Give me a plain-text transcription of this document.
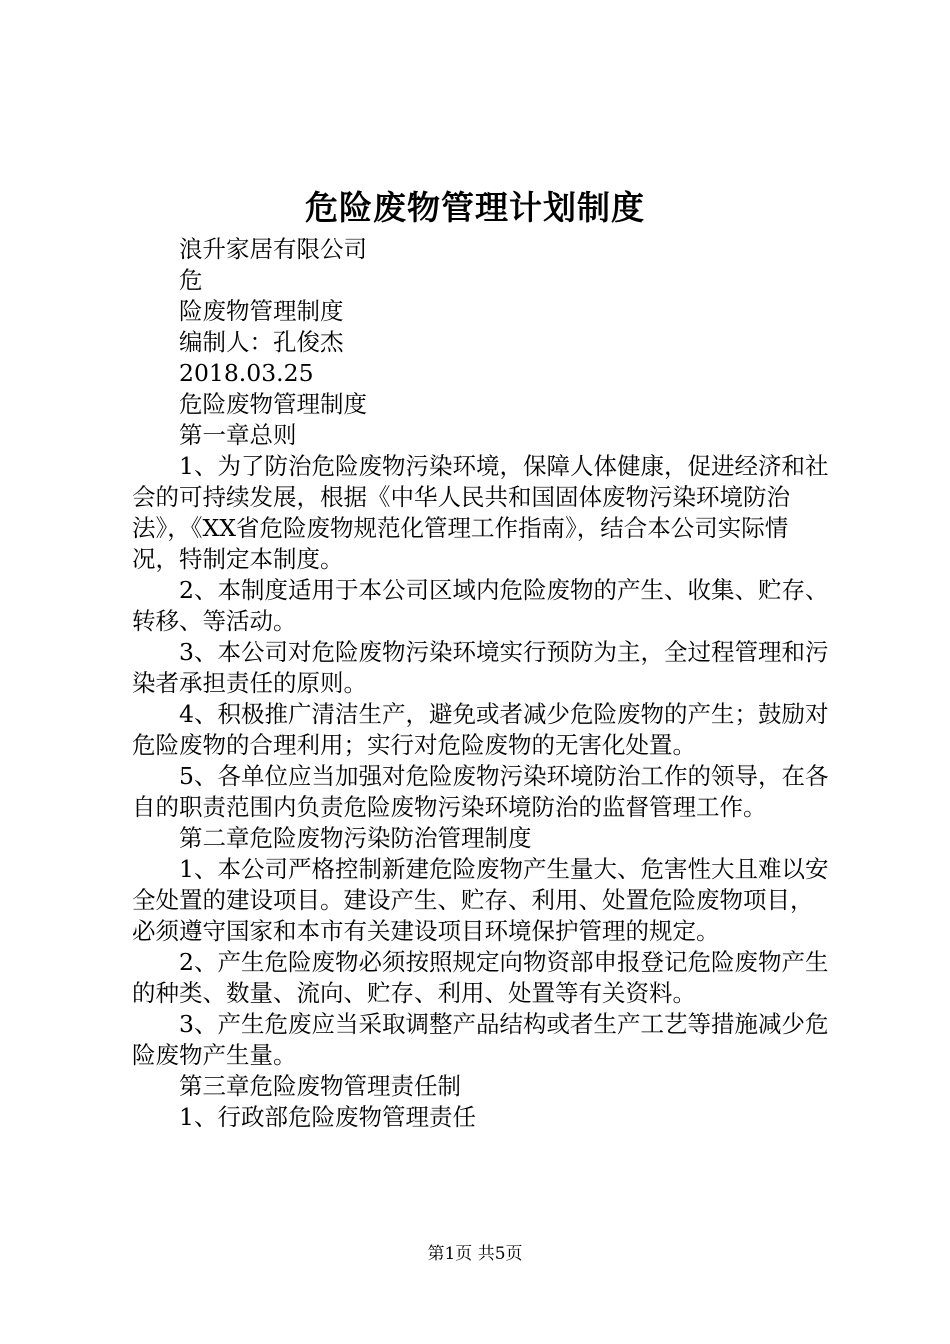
危险废物管理计划制度

浪升家居有限公司

危

险废物管理制度

编制人：孔俊杰

2018.03.25

危险废物管理制度

第一章总则

1、为了防治危险废物污染环境，保障人体健康，促进经济和社会的可持续发展，根据《中华人民共和国固体废物污染环境防治法》，《XX省危险废物规范化管理工作指南》，结合本公司实际情况，特制定本制度。

2、本制度适用于本公司区域内危险废物的产生、收集、贮存、转移、等活动。

3、本公司对危险废物污染环境实行预防为主，全过程管理和污染者承担责任的原则。

4、积极推广清洁生产，避免或者减少危险废物的产生；鼓励对危险废物的合理利用；实行对危险废物的无害化处置。

5、各单位应当加强对危险废物污染环境防治工作的领导，在各自的职责范围内负责危险废物污染环境防治的监督管理工作。

第二章危险废物污染防治管理制度

1、本公司严格控制新建危险废物产生量大、危害性大且难以安全处置的建设项目。建设产生、贮存、利用、处置危险废物项目，必须遵守国家和本市有关建设项目环境保护管理的规定。

2、产生危险废物必须按照规定向物资部申报登记危险废物产生的种类、数量、流向、贮存、利用、处置等有关资料。

3、产生危废应当采取调整产品结构或者生产工艺等措施减少危险废物产生量。

第三章危险废物管理责任制

1、行政部危险废物管理责任

第1页 共5页
